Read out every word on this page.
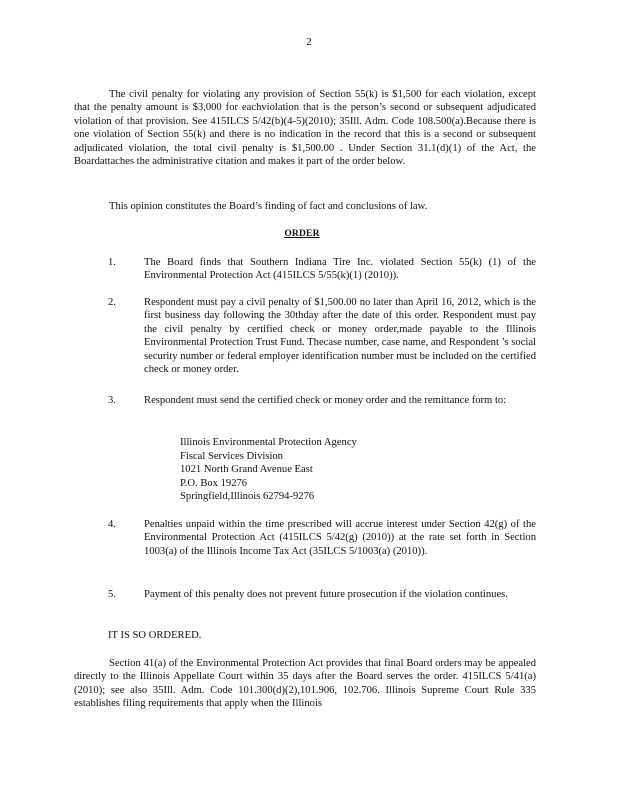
2
The civil penalty for violating any provision of Section 55(k) is $1,500 for each violation, except that the penalty amount is $3,000 for eachviolation that is the person’s second or subsequent adjudicated violation of that provision. See 415ILCS 5/42(b)(4-5)(2010); 35Ill. Adm. Code 108.500(a).Because there is one violation of Section 55(k) and there is no indication in the record that this is a second or subsequent adjudicated violation, the total civil penalty is $1,500.00 . Under Section 31.1(d)(1) of the Act, the Boardattaches the administrative citation and makes it part of the order below.
This opinion constitutes the Board’s finding of fact and conclusions of law.
ORDER
1.	The Board finds that Southern Indiana Tire Inc. violated Section 55(k) (1) of the Environmental Protection Act (415ILCS 5/55(k)(1) (2010)).
2.	Respondent must pay a civil penalty of $1,500.00 no later than April 16, 2012, which is the first business day following the 30thday after the date of this order. Respondent must pay the civil penalty by certified check or money order,made payable to the Illinois Environmental Protection Trust Fund. Thecase number, case name, and Respondent ’s social security number or federal employer identification number must be included on the certified check or money order.
3.	Respondent must send the certified check or money order and the remittance form to:
Illinois Environmental Protection Agency
Fiscal Services Division
1021 North Grand Avenue East
P.O. Box 19276
Springfield,Illinois 62794-9276
4.	Penalties unpaid within the time prescribed will accrue interest under Section 42(g) of the Environmental Protection Act (415ILCS 5/42(g) (2010)) at the rate set forth in Section 1003(a) of the Illinois Income Tax Act (35ILCS 5/1003(a) (2010)).
5.	Payment of this penalty does not prevent future prosecution if the violation continues.
IT IS SO ORDERED.
Section 41(a) of the Environmental Protection Act provides that final Board orders may be appealed directly to the Illinois Appellate Court within 35 days after the Board serves the order. 415ILCS 5/41(a) (2010); see also 35Ill. Adm. Code 101.300(d)(2),101.906, 102.706. Illinois Supreme Court Rule 335 establishes filing requirements that apply when the Illinois
